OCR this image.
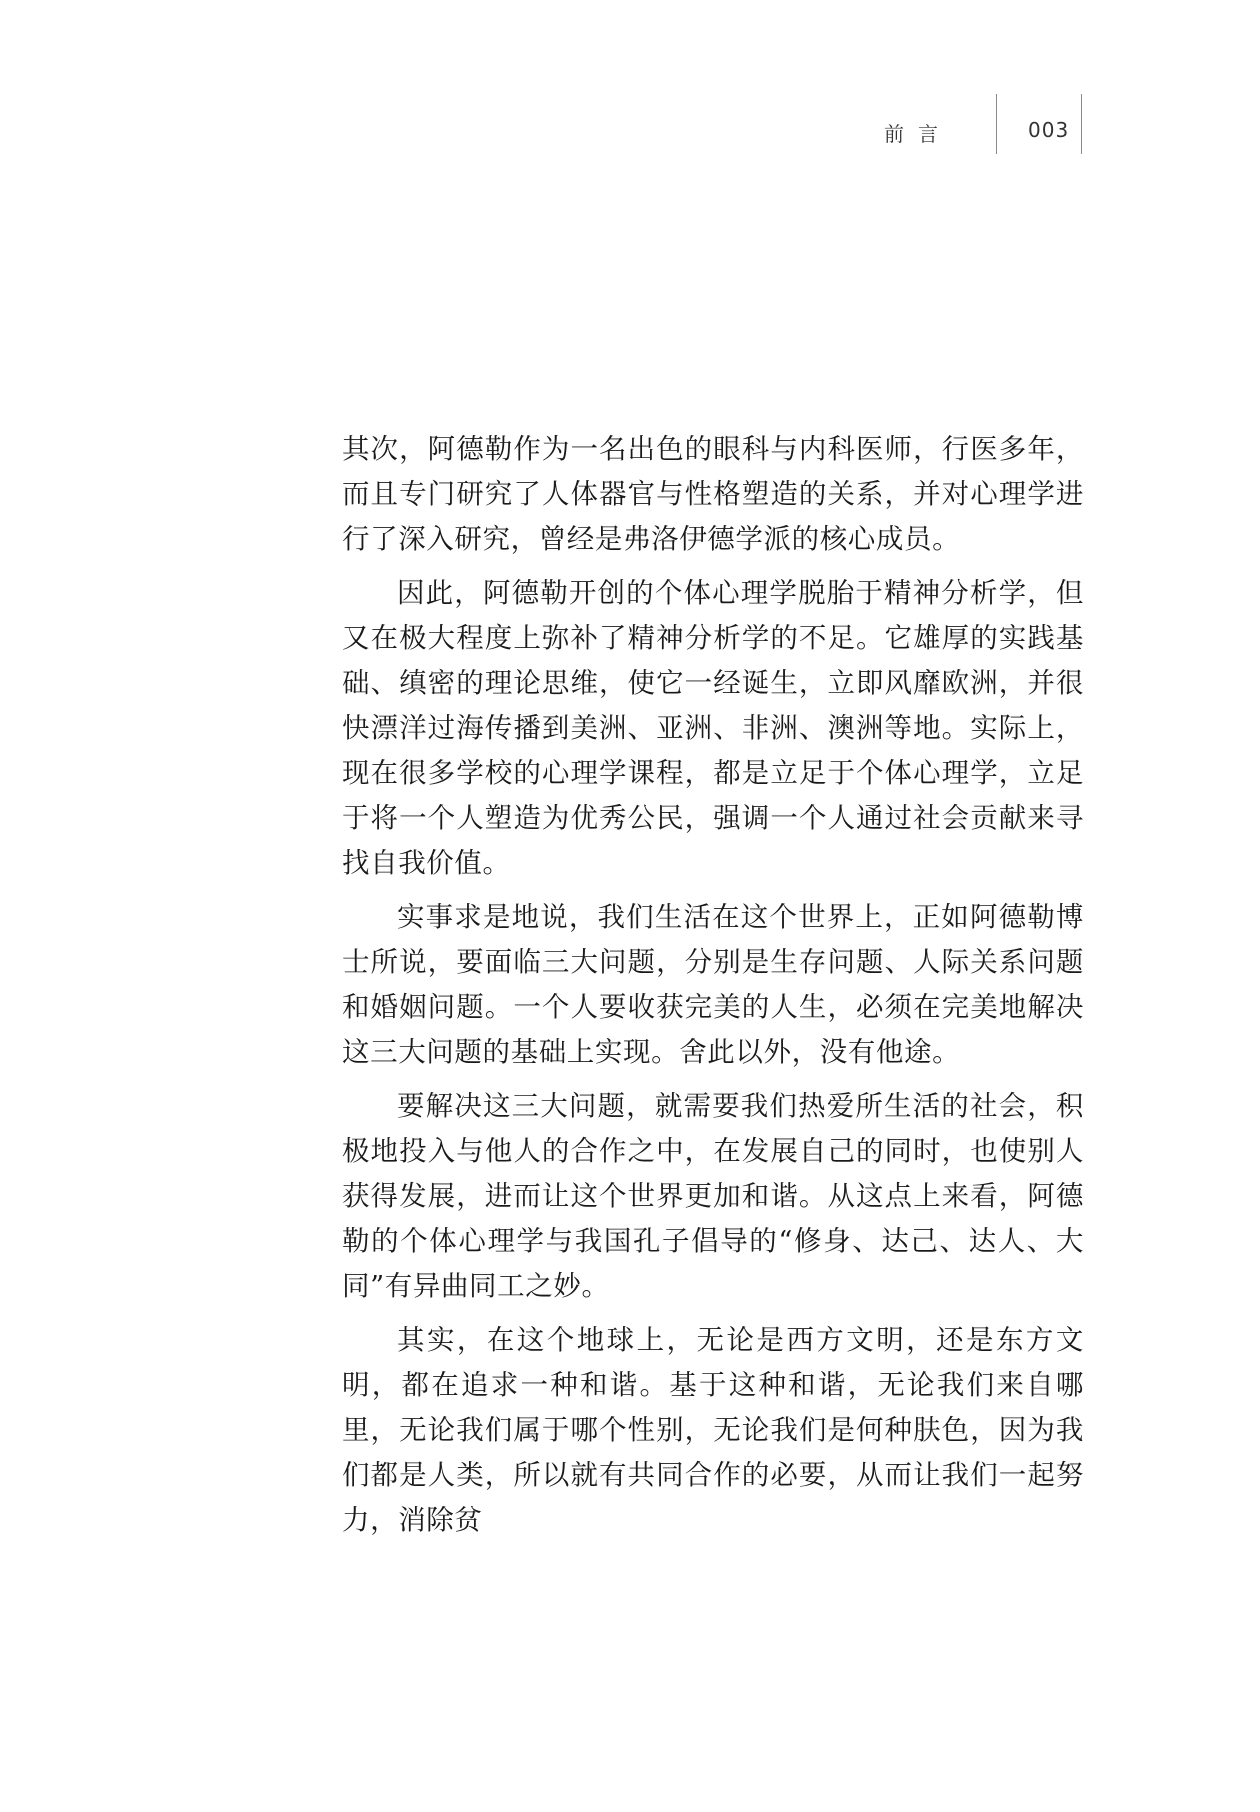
前言	003

其次，阿德勒作为一名出色的眼科与内科医师，行医多年，而且专门研究了人体器官与性格塑造的关系，并对心理学进行了深入研究，曾经是弗洛伊德学派的核心成员。

因此，阿德勒开创的个体心理学脱胎于精神分析学，但又在极大程度上弥补了精神分析学的不足。它雄厚的实践基础、缜密的理论思维，使它一经诞生，立即风靡欧洲，并很快漂洋过海传播到美洲、亚洲、非洲、澳洲等地。实际上，现在很多学校的心理学课程，都是立足于个体心理学，立足于将一个人塑造为优秀公民，强调一个人通过社会贡献来寻找自我价值。

实事求是地说，我们生活在这个世界上，正如阿德勒博士所说，要面临三大问题，分别是生存问题、人际关系问题和婚姻问题。一个人要收获完美的人生，必须在完美地解决这三大问题的基础上实现。舍此以外，没有他途。

要解决这三大问题，就需要我们热爱所生活的社会，积极地投入与他人的合作之中，在发展自己的同时，也使别人获得发展，进而让这个世界更加和谐。从这点上来看，阿德勒的个体心理学与我国孔子倡导的“修身、达己、达人、大同”有异曲同工之妙。

其实，在这个地球上，无论是西方文明，还是东方文明，都在追求一种和谐。基于这种和谐，无论我们来自哪里，无论我们属于哪个性别，无论我们是何种肤色，因为我们都是人类，所以就有共同合作的必要，从而让我们一起努力，消除贫
